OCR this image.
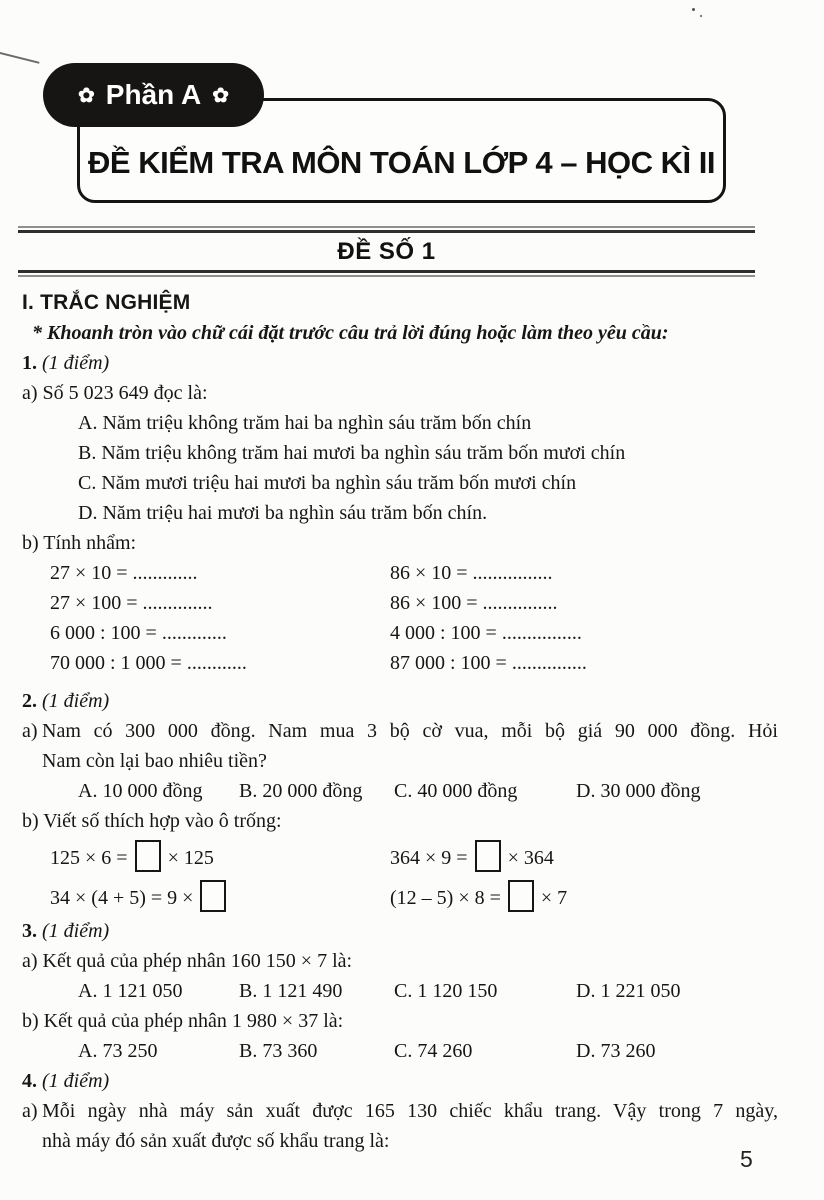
ĐỀ KIỂM TRA MÔN TOÁN LỚP 4 – HỌC KÌ II
✿ Phần A ✿
ĐỀ SỐ 1
I. TRẮC NGHIỆM
* Khoanh tròn vào chữ cái đặt trước câu trả lời đúng hoặc làm theo yêu cầu:
1. (1 điểm)
a) Số 5 023 649 đọc là:
A. Năm triệu không trăm hai ba nghìn sáu trăm bốn chín
B. Năm triệu không trăm hai mươi ba nghìn sáu trăm bốn mươi chín
C. Năm mươi triệu hai mươi ba nghìn sáu trăm bốn mươi chín
D. Năm triệu hai mươi ba nghìn sáu trăm bốn chín.
b) Tính nhẩm:
27 × 10 = .............	86 × 10 = ................
27 × 100 = ..............	86 × 100 = ...............
6 000 : 100 = .............	4 000 : 100 = ................
70 000 : 1 000 = ............	87 000 : 100 = ...............
2. (1 điểm)
a) Nam có 300 000 đồng. Nam mua 3 bộ cờ vua, mỗi bộ giá 90 000 đồng. Hỏi
Nam còn lại bao nhiêu tiền?
A. 10 000 đồng	B. 20 000 đồng	C. 40 000 đồng	D. 30 000 đồng
b) Viết số thích hợp vào ô trống:
125 × 6 = × 125	364 × 9 = × 364
34 × (4 + 5) = 9 ×	(12 – 5) × 8 = × 7
3. (1 điểm)
a) Kết quả của phép nhân 160 150 × 7 là:
A. 1 121 050	B. 1 121 490	C. 1 120 150	D. 1 221 050
b) Kết quả của phép nhân 1 980 × 37 là:
A. 73 250	B. 73 360	C. 74 260	D. 73 260
4. (1 điểm)
a) Mỗi ngày nhà máy sản xuất được 165 130 chiếc khẩu trang. Vậy trong 7 ngày,
nhà máy đó sản xuất được số khẩu trang là:
5
